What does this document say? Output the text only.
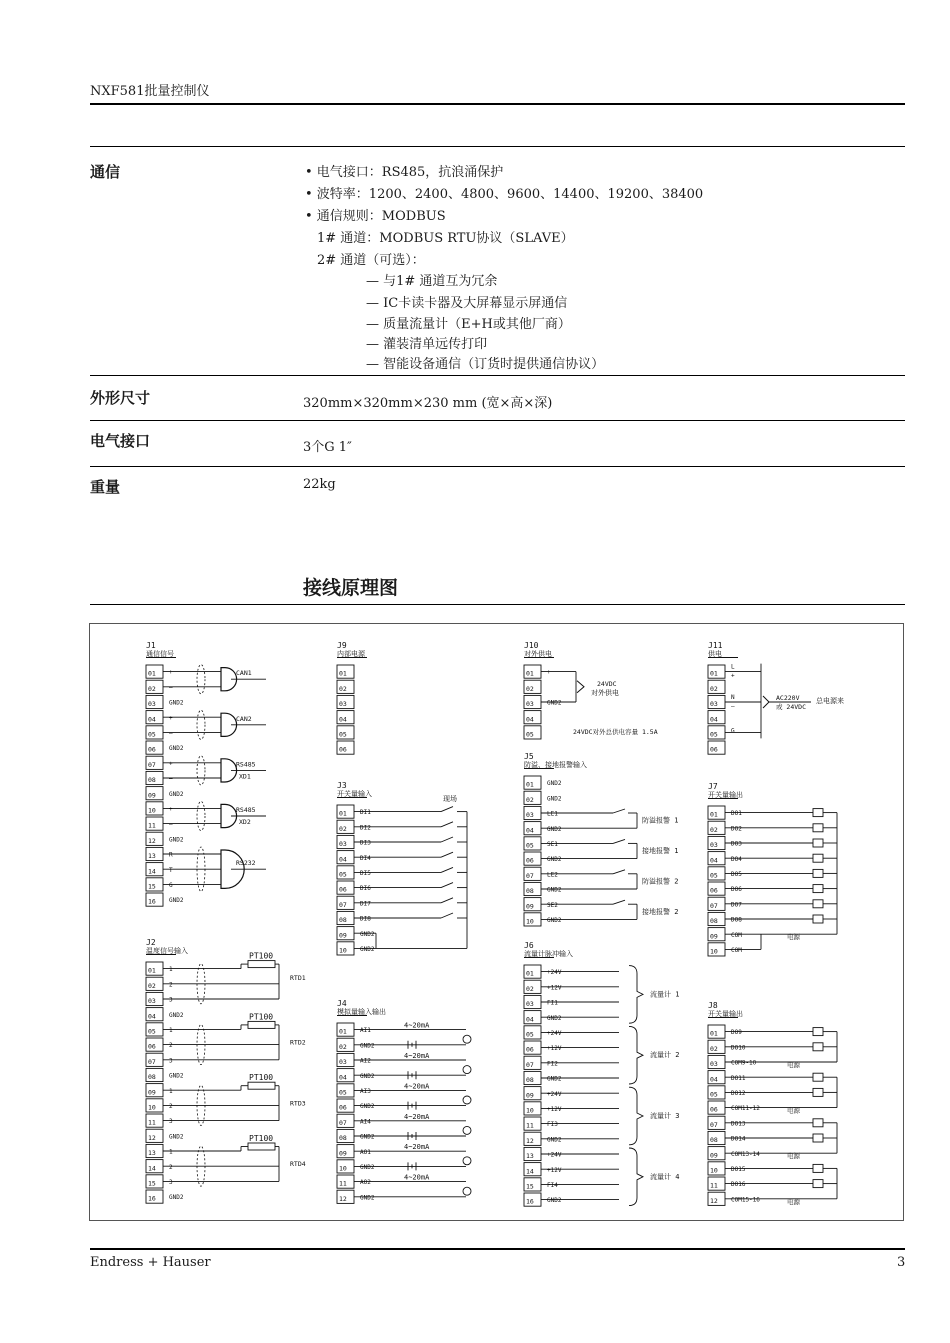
NXF581批量控制仪
通信	• 电气接口：RS485，抗浪涌保护
• 波特率：1200、2400、4800、9600、14400、19200、38400
• 通信规则：MODBUS
1# 通道：MODBUS RTU协议（SLAVE）
2# 通道（可选）：
— 与1# 通道互为冗余
— IC卡读卡器及大屏幕显示屏通信
— 质量流量计（E+H或其他厂商）
— 灌装清单远传打印
— 智能设备通信（订货时提供通信协议）
外形尺寸	320mm×320mm×230 mm (宽×高×深)
电气接口	3个G 1″
重量	22kg
接线原理图
J1
通信信号
01 +
02 —
03 GND2
04 +
05 —
06 GND2
07 +
08 —
09 GND2
10 +
11 —
12 GND2
13 R
14 T
15 G
16 GND2
CAN1
CAN2
RS485
XD1
RS485
XD2
RS232
J2
温度信号输入
01 1
02 2
03 3
04 GND2
05 1
06 2
07 3
08 GND2
09 1
10 2
11 3
12 GND2
13 1
14 2
15 3
16 GND2
PT100
RTD1
PT100
RTD2
PT100
RTD3
PT100
RTD4
J9
内部电源
01
02
03
04
05
06
J3
开关量输入
01 DI1
02 DI2
03 DI3
04 DI4
05 DI5
06 DI6
07 DI7
08 DI8
09 GND2
10 GND2
现场
J4
模拟量输入输出
01 AI1
02 GND2
03 AI2
04 GND2
05 AI3
06 GND2
07 AI4
08 GND2
09 AO1
10 GND2
11 AO2
12 GND2
4~20mA
4~20mA
4~20mA
4~20mA
4~20mA
4~20mA
J10
对外供电
01 +
02
03 GND2
04
05
24VDC
对外供电
24VDC对外总供电容量 1.5A
J5
防溢、接地报警输入
01 GND2
02 GND2
03 LE1
04 GND2
05 SE1
06 GND2
07 LE2
08 GND2
09 SE2
10 GND2
防溢报警 1
接地报警 1
防溢报警 2
接地报警 2
J6
流量计脉冲输入
01 +24V
02 +12V
03 FI1
04 GND2
05 +24V
06 +12V
07 FI2
08 GND2
09 +24V
10 +12V
11 FI3
12 GND2
13 +24V
14 +12V
15 FI4
16 GND2
流量计 1
流量计 2
流量计 3
流量计 4
J11
供电
01
02
03
04
05
06
L
+
N
—
G
AC220V
或 24VDC
总电源来
J7
开关量输出
01 DO1
02 DO2
03 DO3
04 DO4
05 DO5
06 DO6
07 DO7
08 DO8
09 COM
10 COM
电源
J8
开关量输出
01 DO9
02 DO10
03 COM9-10
04 DO11
05 DO12
06 COM11-12
07 DO13
08 DO14
09 COM13-14
10 DO15
11 DO16
12 COM15-16
电源
电源
电源
电源
Endress + Hauser	3
